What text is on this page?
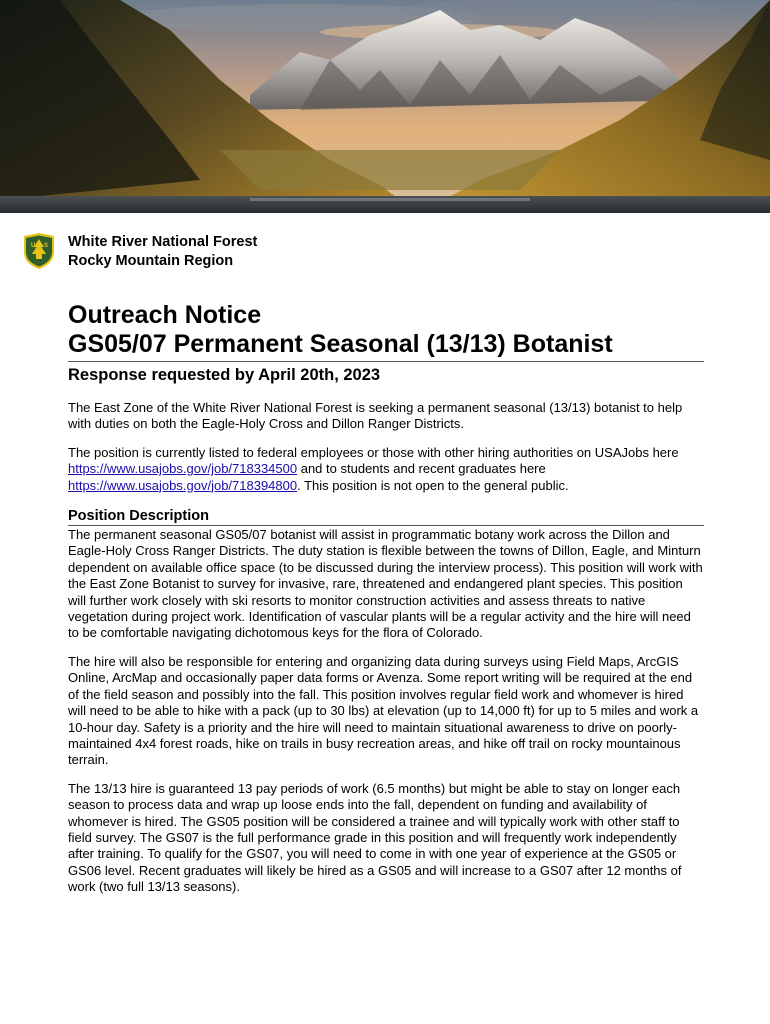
U S White River National Forest
Rocky Mountain Region
Outreach Notice
GS05/07 Permanent Seasonal (13/13) Botanist
Response requested by April 20th, 2023

The East Zone of the White River National Forest is seeking a permanent seasonal (13/13) botanist to help with duties on both the Eagle-Holy Cross and Dillon Ranger Districts.

The position is currently listed to federal employees or those with other hiring authorities on USAJobs here https://www.usajobs.gov/job/718334500 and to students and recent graduates here https://www.usajobs.gov/job/718394800. This position is not open to the general public.

Position Description

The permanent seasonal GS05/07 botanist will assist in programmatic botany work across the Dillon and Eagle-Holy Cross Ranger Districts. The duty station is flexible between the towns of Dillon, Eagle, and Minturn dependent on available office space (to be discussed during the interview process). This position will work with the East Zone Botanist to survey for invasive, rare, threatened and endangered plant species. This position will further work closely with ski resorts to monitor construction activities and assess threats to native vegetation during project work. Identification of vascular plants will be a regular activity and the hire will need to be comfortable navigating dichotomous keys for the flora of Colorado.

The hire will also be responsible for entering and organizing data during surveys using Field Maps, ArcGIS Online, ArcMap and occasionally paper data forms or Avenza. Some report writing will be required at the end of the field season and possibly into the fall. This position involves regular field work and whomever is hired will need to be able to hike with a pack (up to 30 lbs) at elevation (up to 14,000 ft) for up to 5 miles and work a 10-hour day. Safety is a priority and the hire will need to maintain situational awareness to drive on poorly-maintained 4x4 forest roads, hike on trails in busy recreation areas, and hike off trail on rocky mountainous terrain.

The 13/13 hire is guaranteed 13 pay periods of work (6.5 months) but might be able to stay on longer each season to process data and wrap up loose ends into the fall, dependent on funding and availability of whomever is hired. The GS05 position will be considered a trainee and will typically work with other staff to field survey. The GS07 is the full performance grade in this position and will frequently work independently after training. To qualify for the GS07, you will need to come in with one year of experience at the GS05 or GS06 level. Recent graduates will likely be hired as a GS05 and will increase to a GS07 after 12 months of work (two full 13/13 seasons).
